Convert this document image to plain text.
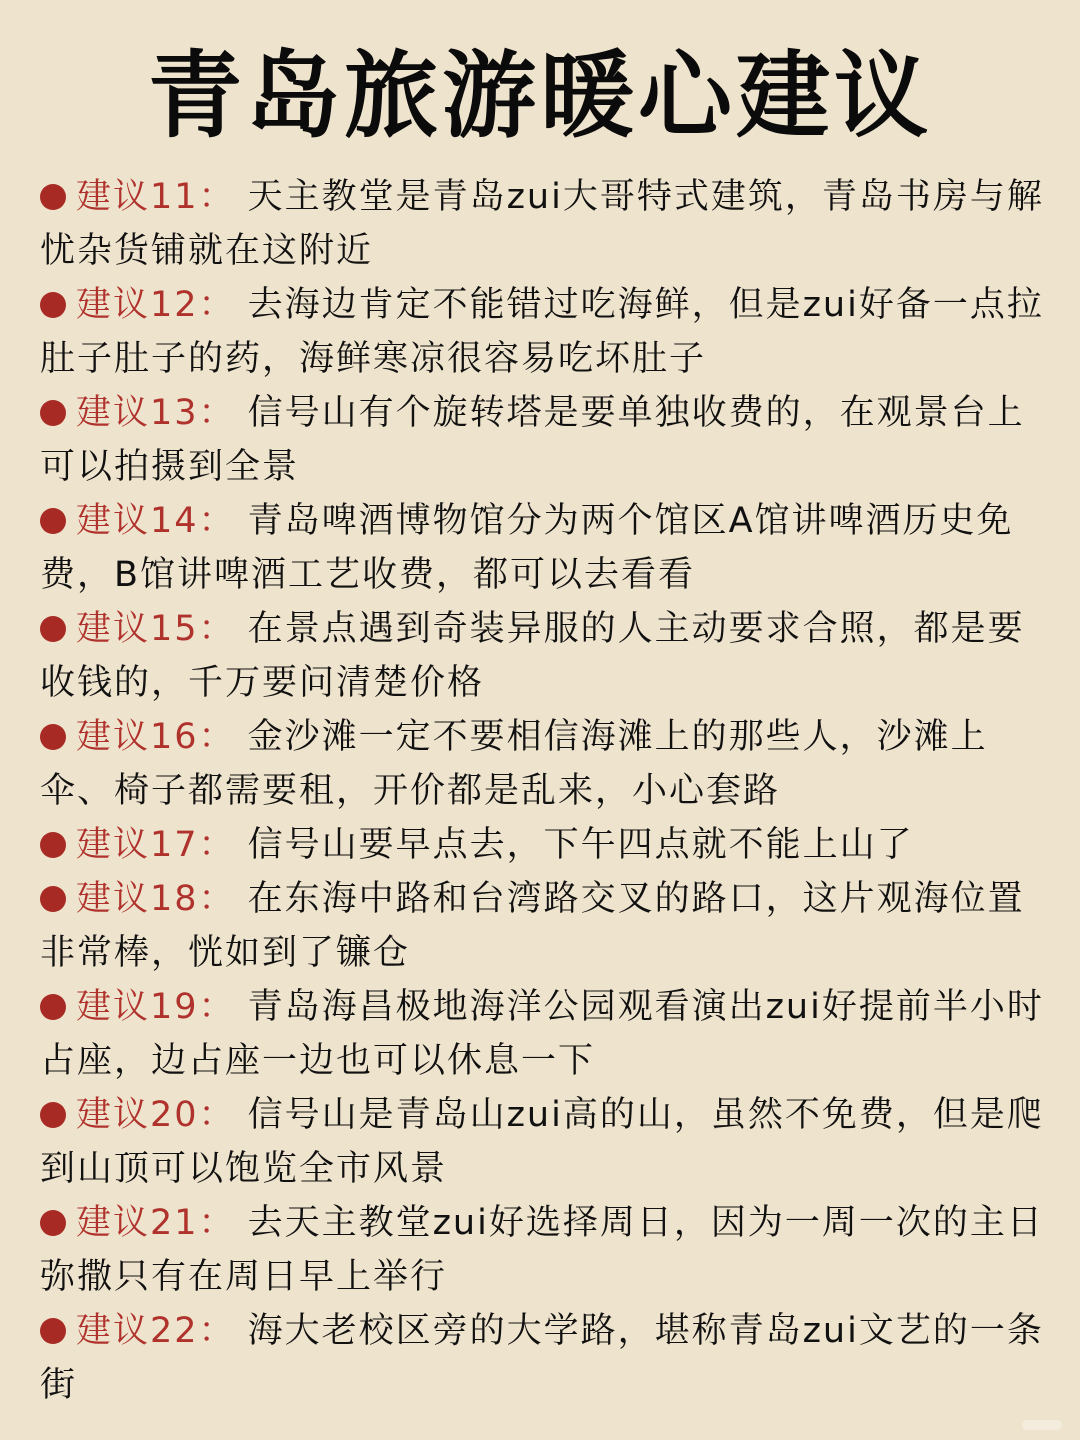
青岛旅游暖心建议
建议11： 天主教堂是青岛zui大哥特式建筑，青岛书房与解忧杂货铺就在这附近
建议12： 去海边肯定不能错过吃海鲜，但是zui好备一点拉肚子肚子的药，海鲜寒凉很容易吃坏肚子
建议13： 信号山有个旋转塔是要单独收费的，在观景台上可以拍摄到全景
建议14： 青岛啤酒博物馆分为两个馆区A馆讲啤酒历史免费，B馆讲啤酒工艺收费，都可以去看看
建议15： 在景点遇到奇装异服的人主动要求合照，都是要收钱的，千万要问清楚价格
建议16： 金沙滩一定不要相信海滩上的那些人，沙滩上伞、椅子都需要租，开价都是乱来，小心套路
建议17： 信号山要早点去，下午四点就不能上山了
建议18： 在东海中路和台湾路交叉的路口，这片观海位置非常棒，恍如到了镰仓
建议19： 青岛海昌极地海洋公园观看演出zui好提前半小时占座，边占座一边也可以休息一下
建议20： 信号山是青岛山zui高的山，虽然不免费，但是爬到山顶可以饱览全市风景
建议21： 去天主教堂zui好选择周日，因为一周一次的主日弥撒只有在周日早上举行
建议22： 海大老校区旁的大学路，堪称青岛zui文艺的一条街
